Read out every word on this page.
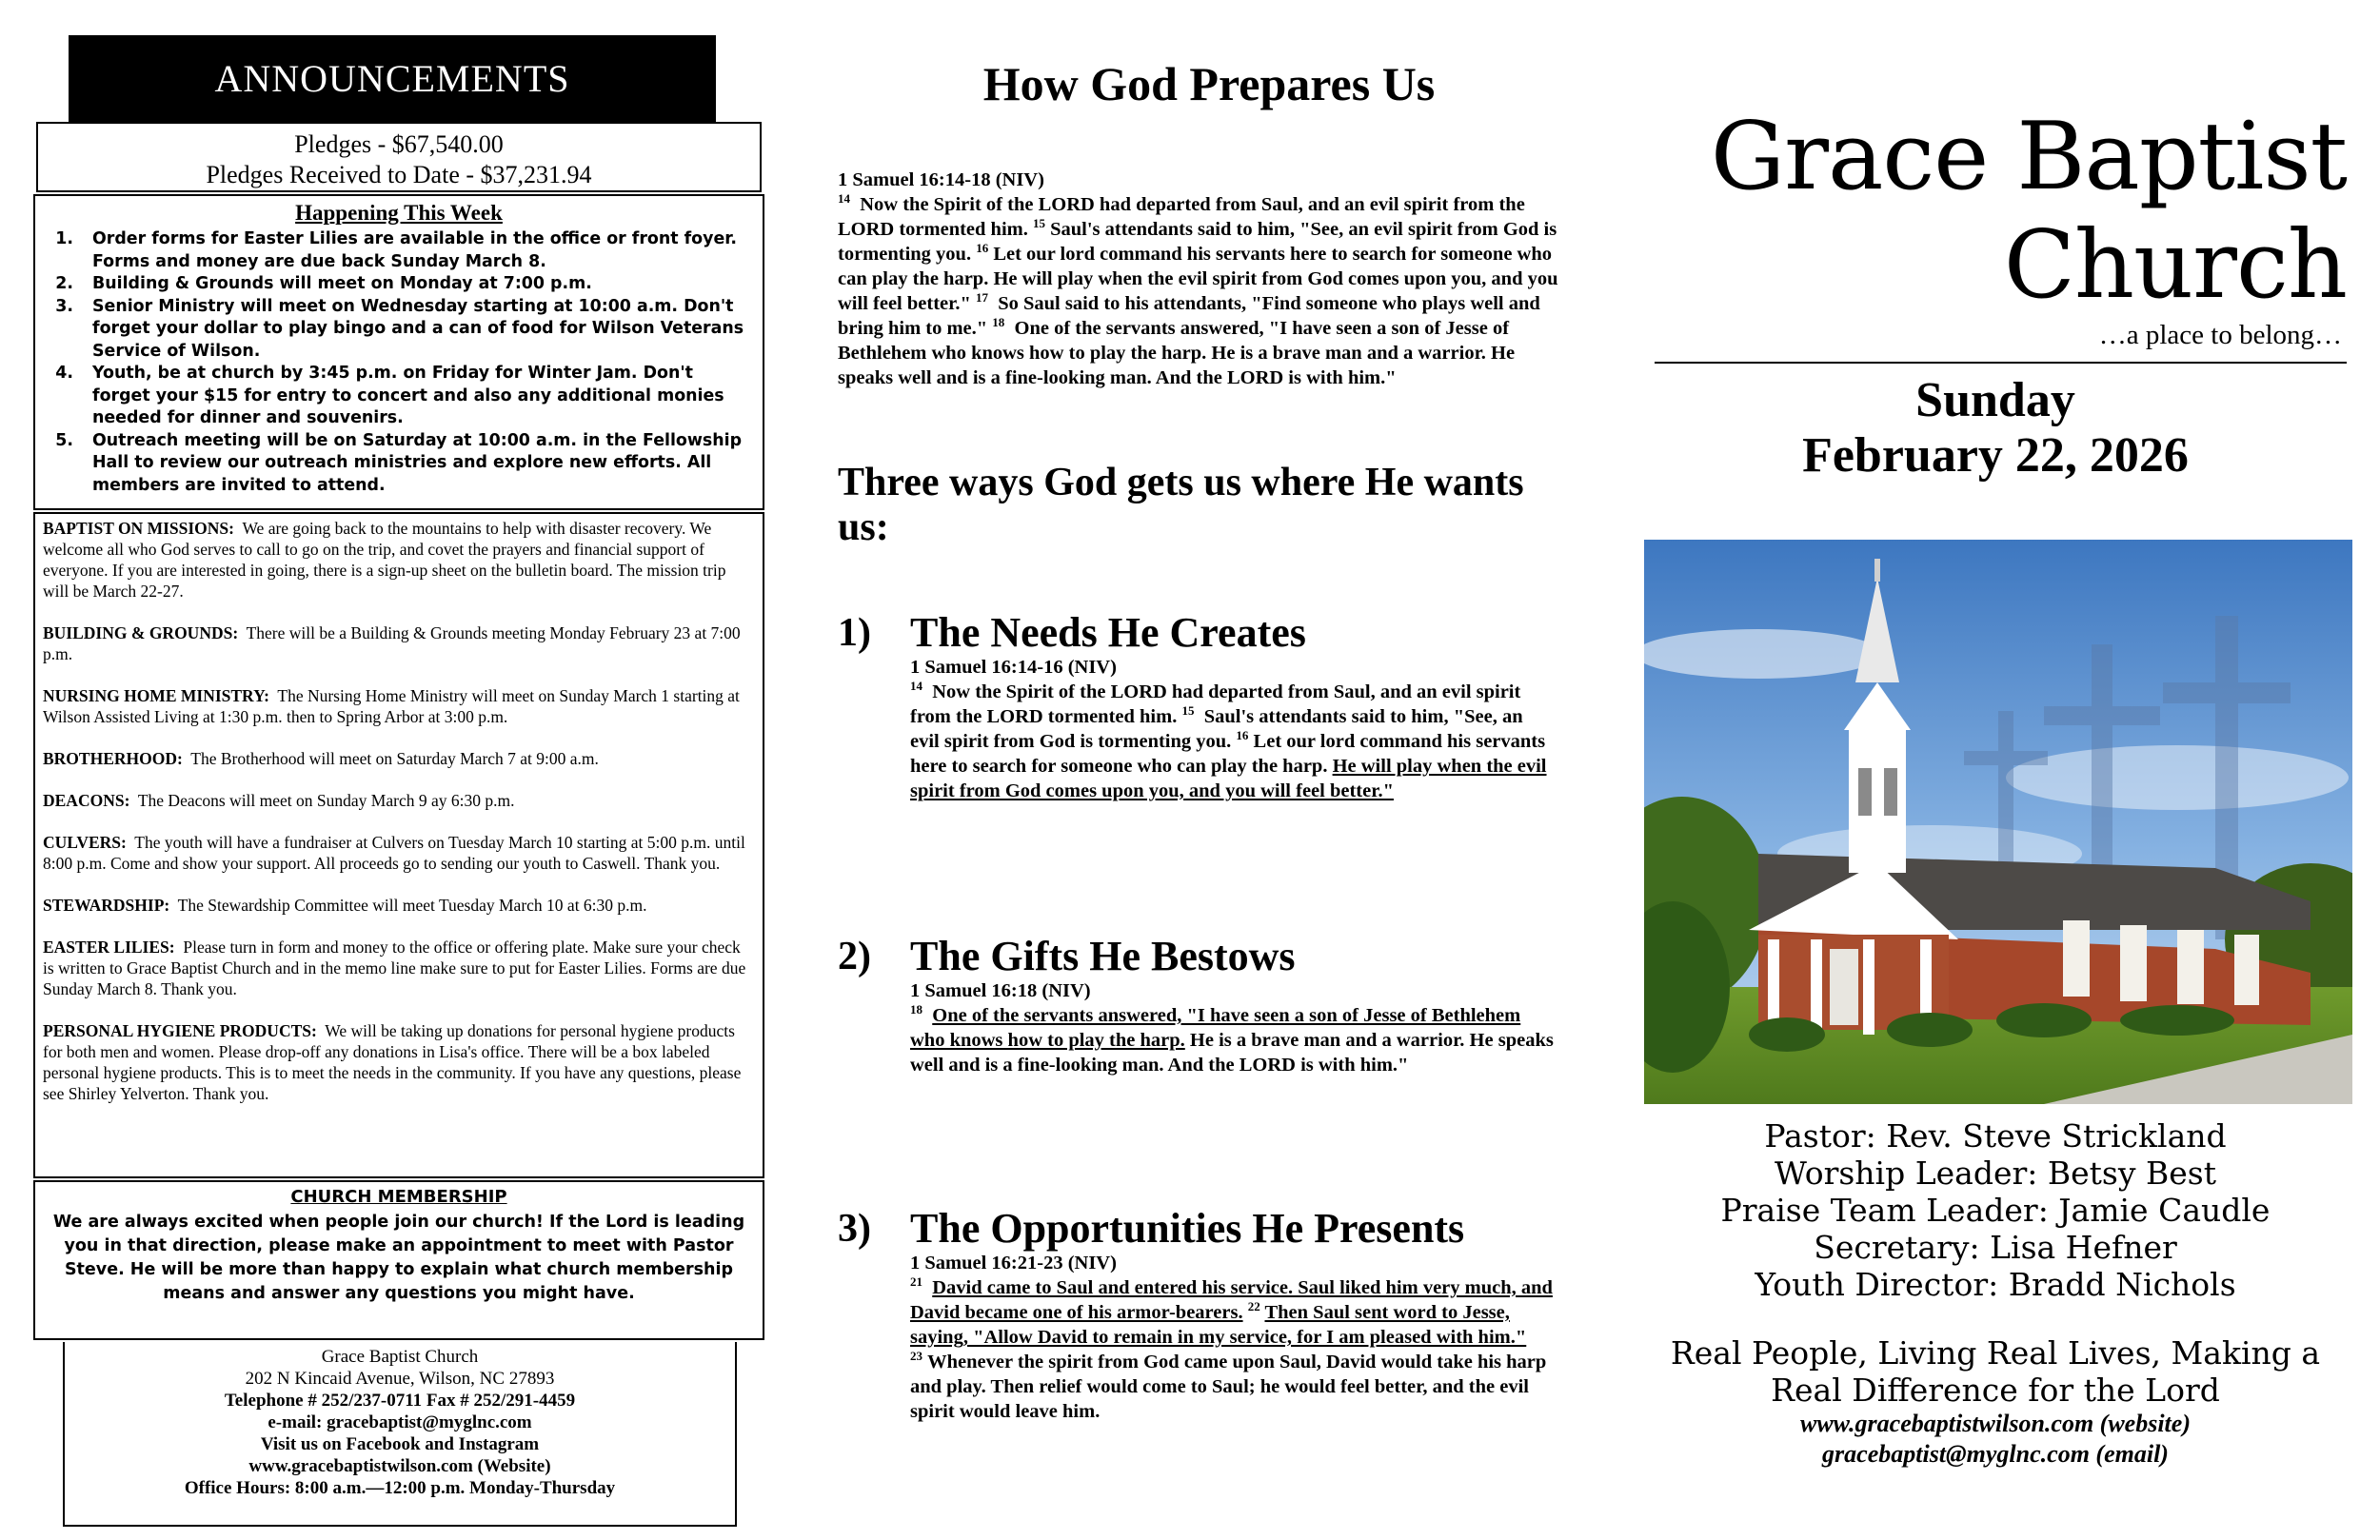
ANNOUNCEMENTS
Pledges - $67,540.00
Pledges Received to Date - $37,231.94
Happening This Week
1. Order forms for Easter Lilies are available in the office or front foyer. Forms and money are due back Sunday March 8.
2. Building & Grounds will meet on Monday at 7:00 p.m.
3. Senior Ministry will meet on Wednesday starting at 10:00 a.m. Don't forget your dollar to play bingo and a can of food for Wilson Veterans Service of Wilson.
4. Youth, be at church by 3:45 p.m. on Friday for Winter Jam. Don't forget your $15 for entry to concert and also any additional monies needed for dinner and souvenirs.
5. Outreach meeting will be on Saturday at 10:00 a.m. in the Fellowship Hall to review our outreach ministries and explore new efforts. All members are invited to attend.

BAPTIST ON MISSIONS: We are going back to the mountains to help with disaster recovery. We welcome all who God serves to call to go on the trip, and covet the prayers and financial support of everyone. If you are interested in going, there is a sign-up sheet on the bulletin board. The mission trip will be March 22-27.

BUILDING & GROUNDS: There will be a Building & Grounds meeting Monday February 23 at 7:00 p.m.

NURSING HOME MINISTRY: The Nursing Home Ministry will meet on Sunday March 1 starting at Wilson Assisted Living at 1:30 p.m. then to Spring Arbor at 3:00 p.m.

BROTHERHOOD: The Brotherhood will meet on Saturday March 7 at 9:00 a.m.

DEACONS: The Deacons will meet on Sunday March 9 ay 6:30 p.m.

CULVERS: The youth will have a fundraiser at Culvers on Tuesday March 10 starting at 5:00 p.m. until 8:00 p.m. Come and show your support. All proceeds go to sending our youth to Caswell. Thank you.

STEWARDSHIP: The Stewardship Committee will meet Tuesday March 10 at 6:30 p.m.

EASTER LILIES: Please turn in form and money to the office or offering plate. Make sure your check is written to Grace Baptist Church and in the memo line make sure to put for Easter Lilies. Forms are due Sunday March 8. Thank you.

PERSONAL HYGIENE PRODUCTS: We will be taking up donations for personal hygiene products for both men and women. Please drop-off any donations in Lisa's office. There will be a box labeled personal hygiene products. This is to meet the needs in the community. If you have any questions, please see Shirley Yelverton. Thank you.

CHURCH MEMBERSHIP
We are always excited when people join our church! If the Lord is leading you in that direction, please make an appointment to meet with Pastor Steve. He will be more than happy to explain what church membership means and answer any questions you might have.
Grace Baptist Church
202 N Kincaid Avenue, Wilson, NC 27893
Telephone # 252/237-0711 Fax # 252/291-4459
e-mail: gracebaptist@myglnc.com
Visit us on Facebook and Instagram
www.gracebaptistwilson.com (Website)
Office Hours: 8:00 a.m.—12:00 p.m. Monday-Thursday
How God Prepares Us
1 Samuel 16:14-18 (NIV)
$^{14}$ Now the Spirit of the LORD had departed from Saul, and an evil spirit from the LORD tormented him. $^{15}$ Saul's attendants said to him, "See, an evil spirit from God is tormenting you. $^{16}$ Let our lord command his servants here to search for someone who can play the harp. He will play when the evil spirit from God comes upon you, and you will feel better." $^{17}$ So Saul said to his attendants, "Find someone who plays well and bring him to me." $^{18}$ One of the servants answered, "I have seen a son of Jesse of Bethlehem who knows how to play the harp. He is a brave man and a warrior. He speaks well and is a fine-looking man. And the LORD is with him."
Three ways God gets us where He wants us:
1) The Needs He Creates
1 Samuel 16:14-16 (NIV)
$^{14}$ Now the Spirit of the LORD had departed from Saul, and an evil spirit from the LORD tormented him. $^{15}$ Saul's attendants said to him, "See, an evil spirit from God is tormenting you. $^{16}$ Let our lord command his servants here to search for someone who can play the harp. He will play when the evil spirit from God comes upon you, and you will feel better."
2) The Gifts He Bestows
1 Samuel 16:18 (NIV)
$^{18}$ One of the servants answered, "I have seen a son of Jesse of Bethlehem who knows how to play the harp. He is a brave man and a warrior. He speaks well and is a fine-looking man. And the LORD is with him."
3) The Opportunities He Presents
1 Samuel 16:21-23 (NIV)
$^{21}$ David came to Saul and entered his service. Saul liked him very much, and David became one of his armor-bearers. $^{22}$ Then Saul sent word to Jesse, saying, "Allow David to remain in my service, for I am pleased with him." $^{23}$ Whenever the spirit from God came upon Saul, David would take his harp and play. Then relief would come to Saul; he would feel better, and the evil spirit would leave him.
Grace Baptist
Church
…a place to belong…
Sunday
February 22, 2026
Pastor: Rev. Steve Strickland
Worship Leader: Betsy Best
Praise Team Leader: Jamie Caudle
Secretary: Lisa Hefner
Youth Director: Bradd Nichols
Real People, Living Real Lives, Making a Real Difference for the Lord
www.gracebaptistwilson.com (website)
gracebaptist@myglnc.com (email)
